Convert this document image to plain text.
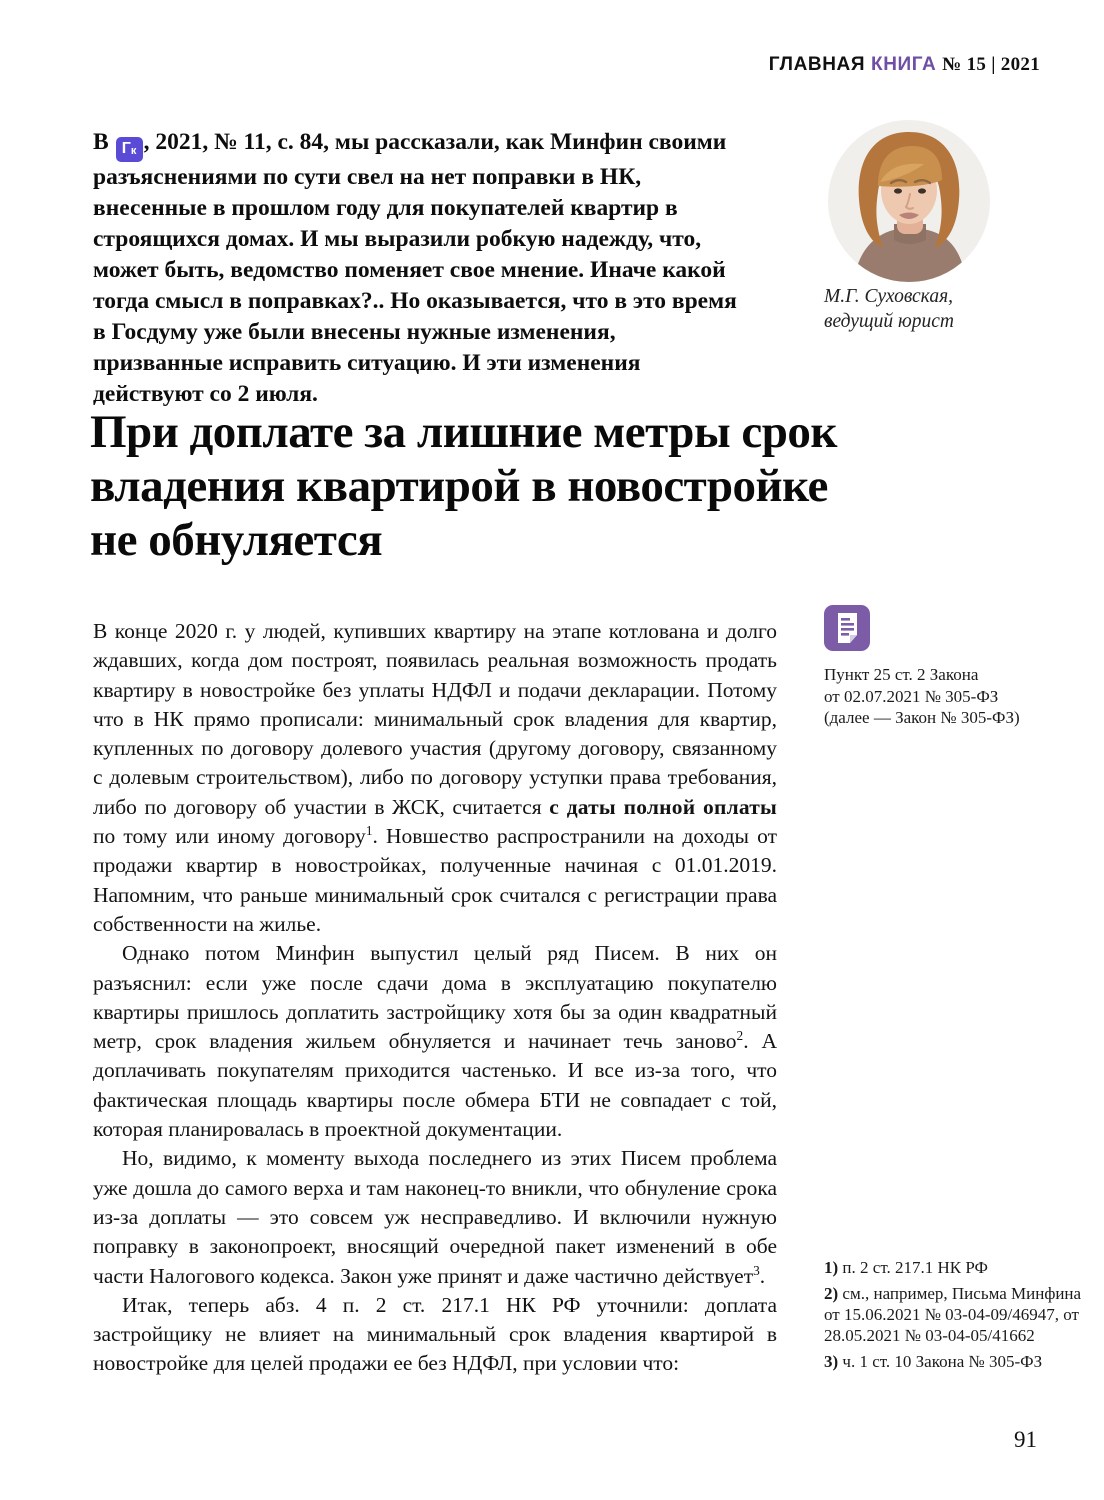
ГЛАВНАЯ КНИГА № 15 | 2021
В Г к , 2021, № 11, с. 84, мы рассказали, как Минфин своими разъяснениями по сути свел на нет поправки в НК, внесенные в прошлом году для покупателей квартир в строящихся домах. И мы выразили робкую надежду, что, может быть, ведомство поменяет свое мнение. Иначе какой тогда смысл в поправках?.. Но оказывается, что в это время в Госдуму уже были внесены нужные изменения, призванные исправить ситуацию. И эти изменения действуют со 2 июля.
М.Г. Суховская,
ведущий юрист
При доплате за лишние метры срок владения квартирой в новостройке не обнуляется

В конце 2020 г. у людей, купивших квартиру на этапе котлована и долго ждавших, когда дом построят, появилась реальная возможность продать квартиру в новостройке без уплаты НДФЛ и подачи декларации. Потому что в НК прямо прописали: минимальный срок владения для квартир, купленных по договору долевого участия (другому договору, связанному с долевым строительством), либо по договору уступки права требования, либо по договору об участии в ЖСК, считается с даты полной оплаты по тому или иному договору$^1$. Новшество распространили на доходы от продажи квартир в новостройках, полученные начиная с 01.01.2019. Напомним, что раньше минимальный срок считался с регистрации права собственности на жилье.

Однако потом Минфин выпустил целый ряд Писем. В них он разъяснил: если уже после сдачи дома в эксплуатацию покупателю квартиры пришлось доплатить застройщику хотя бы за один квадратный метр, срок владения жильем обнуляется и начинает течь заново$^2$. А доплачивать покупателям приходится частенько. И все из-за того, что фактическая площадь квартиры после обмера БТИ не совпадает с той, которая планировалась в проектной документации.

Но, видимо, к моменту выхода последнего из этих Писем проблема уже дошла до самого верха и там наконец-то вникли, что обнуление срока из-за доплаты — это совсем уж несправедливо. И включили нужную поправку в законопроект, вносящий очередной пакет изменений в обе части Налогового кодекса. Закон уже принят и даже частично действует$^3$.

Итак, теперь абз. 4 п. 2 ст. 217.1 НК РФ уточнили: доплата застройщику не влияет на минимальный срок владения квартирой в новостройке для целей продажи ее без НДФЛ, при условии что:

Пункт 25 ст. 2 Закона
от 02.07.2021 № 305-ФЗ
(далее — Закон № 305-ФЗ)
1) п. 2 ст. 217.1 НК РФ
2) см., например, Письма Минфина от 15.06.2021 № 03-04-09/46947, от 28.05.2021 № 03-04-05/41662
3) ч. 1 ст. 10 Закона № 305-ФЗ
91
